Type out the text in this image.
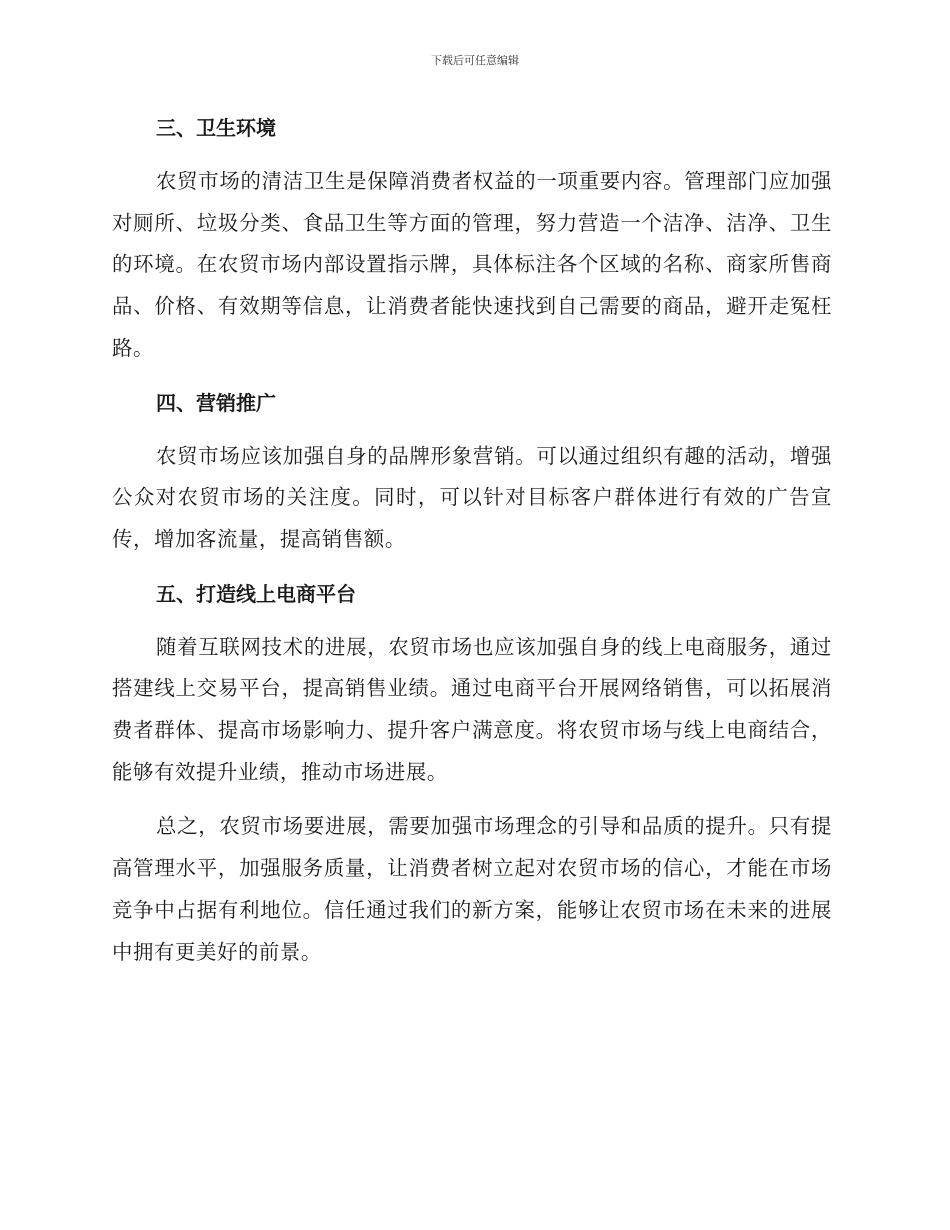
下载后可任意编辑
三、卫生环境

农贸市场的清洁卫生是保障消费者权益的一项重要内容。管理部门应加强对厕所、垃圾分类、食品卫生等方面的管理，努力营造一个洁净、洁净、卫生的环境。在农贸市场内部设置指示牌，具体标注各个区域的名称、商家所售商品、价格、有效期等信息，让消费者能快速找到自己需要的商品，避开走冤枉路。

四、营销推广

农贸市场应该加强自身的品牌形象营销。可以通过组织有趣的活动，增强公众对农贸市场的关注度。同时，可以针对目标客户群体进行有效的广告宣传，增加客流量，提高销售额。

五、打造线上电商平台

随着互联网技术的进展，农贸市场也应该加强自身的线上电商服务，通过搭建线上交易平台，提高销售业绩。通过电商平台开展网络销售，可以拓展消费者群体、提高市场影响力、提升客户满意度。将农贸市场与线上电商结合，能够有效提升业绩，推动市场进展。

总之，农贸市场要进展，需要加强市场理念的引导和品质的提升。只有提高管理水平，加强服务质量，让消费者树立起对农贸市场的信心，才能在市场竞争中占据有利地位。信任通过我们的新方案，能够让农贸市场在未来的进展中拥有更美好的前景。
